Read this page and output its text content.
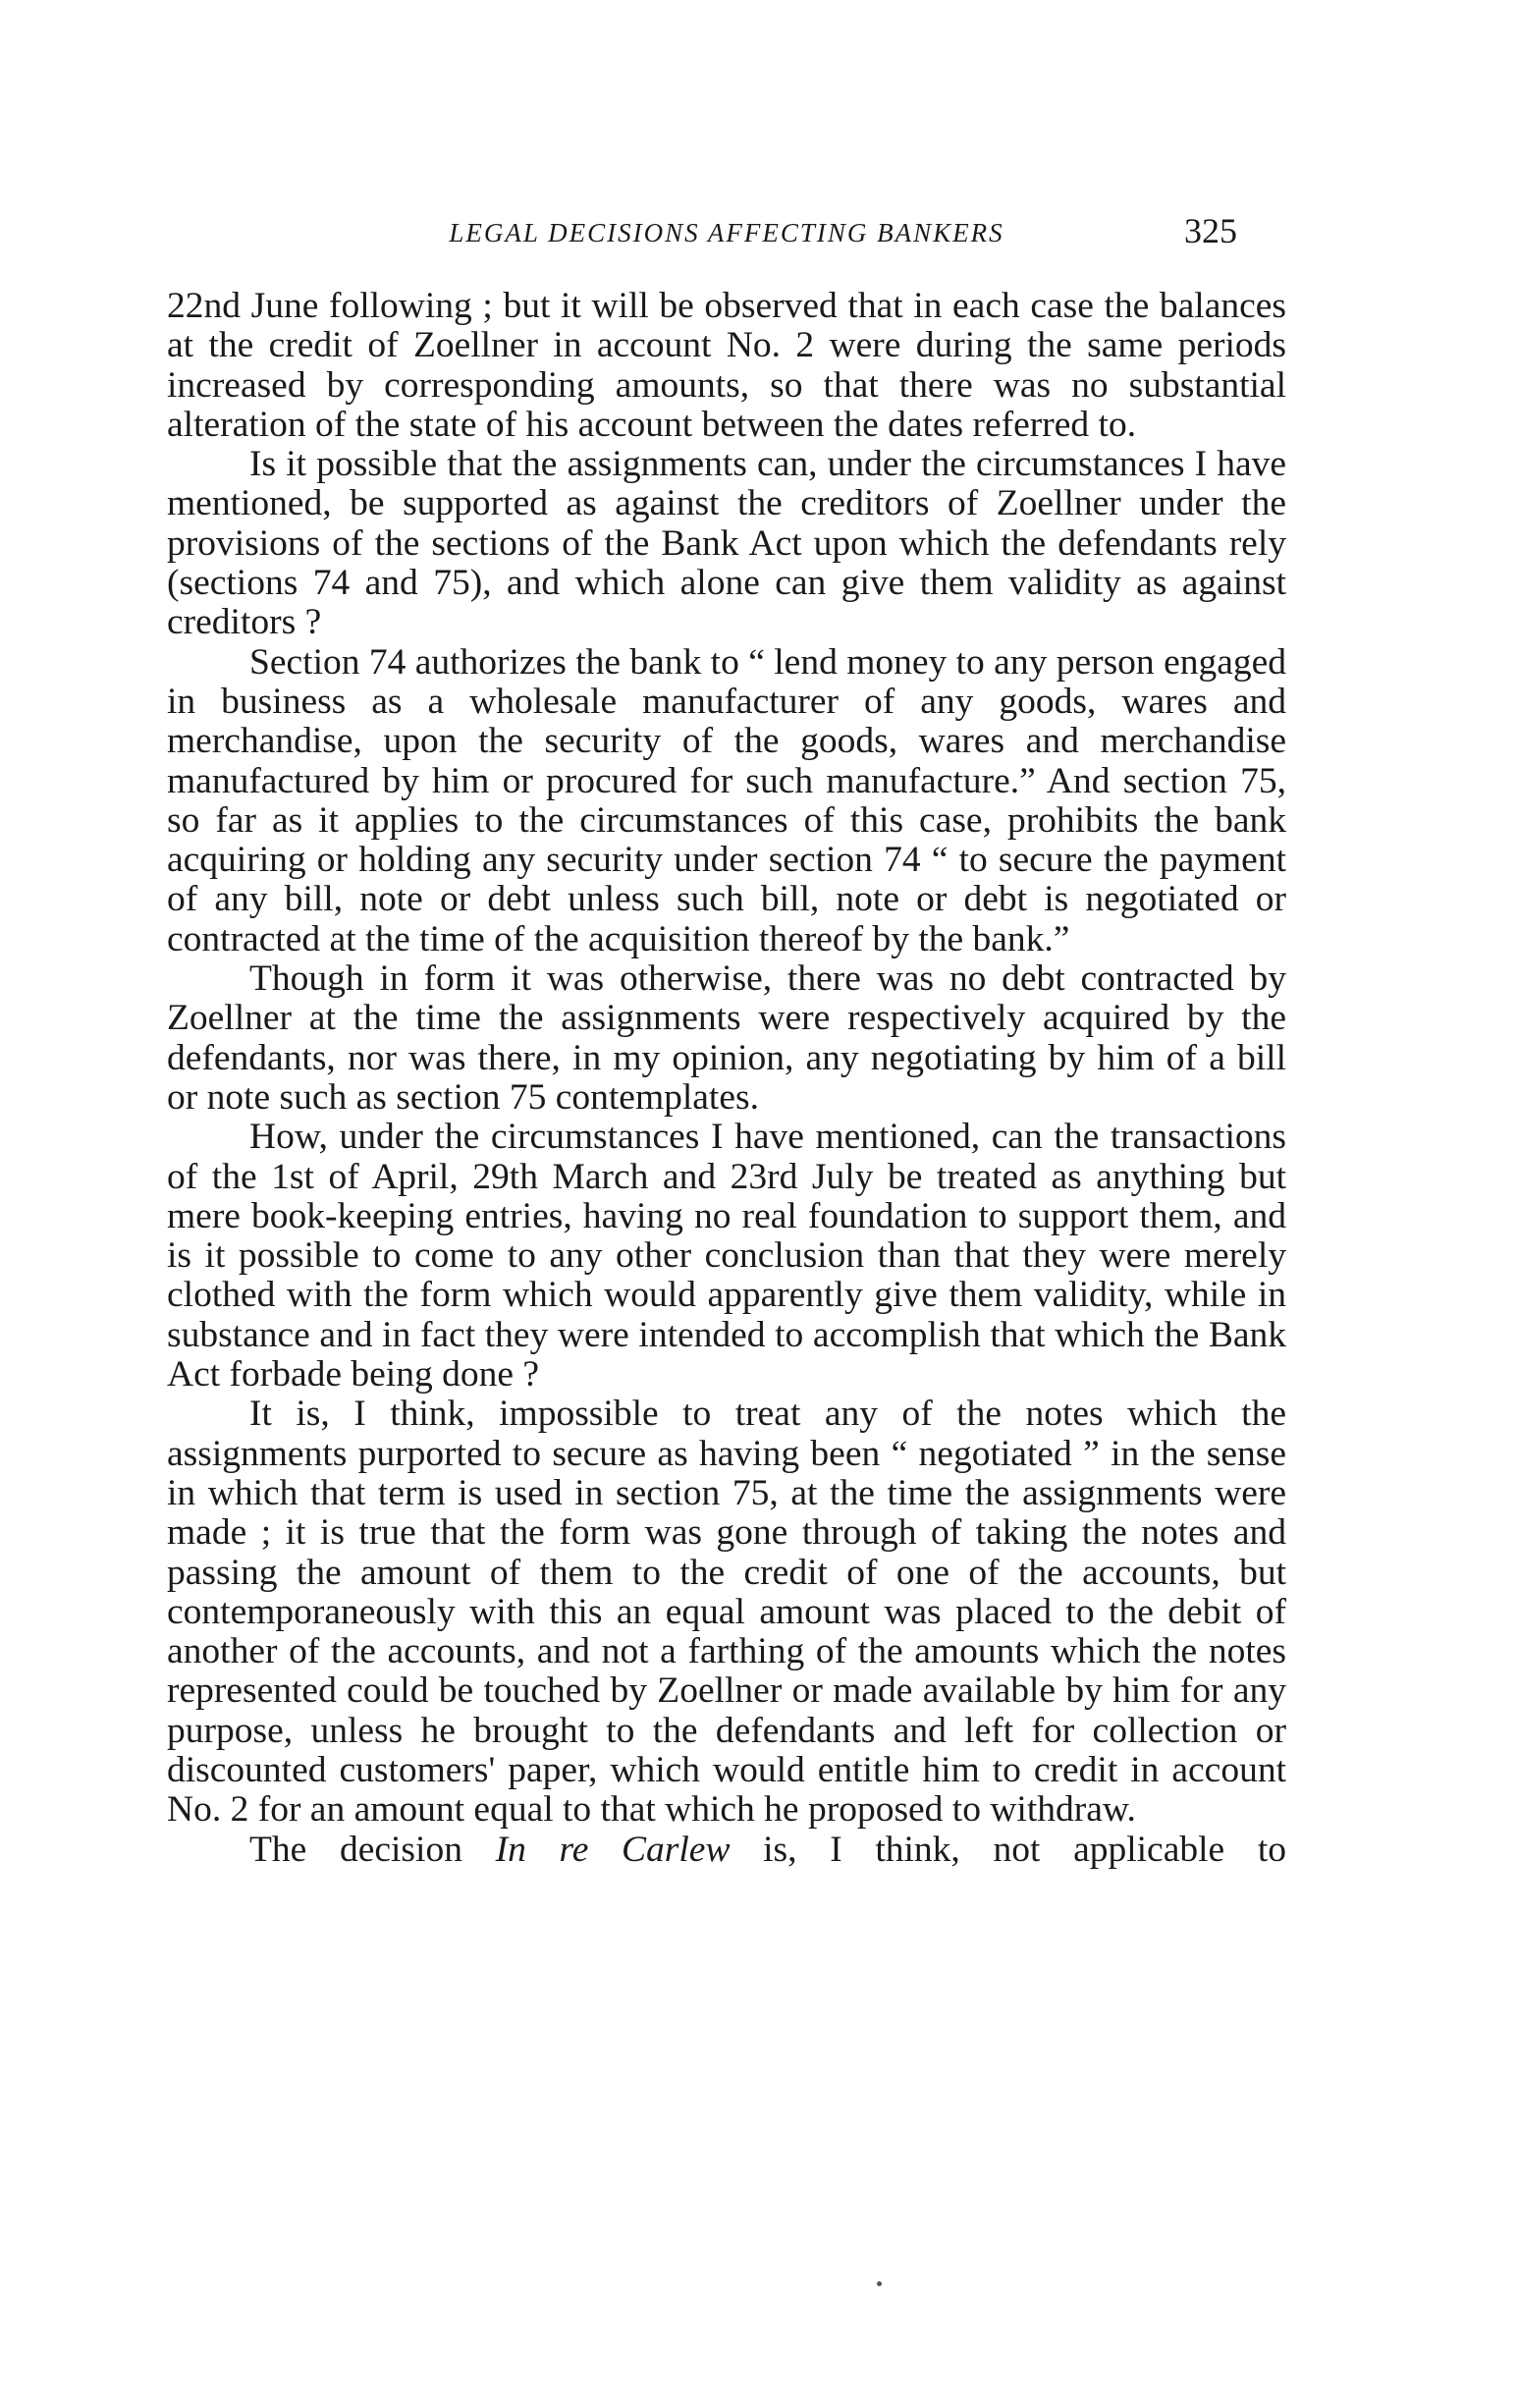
LEGAL DECISIONS AFFECTING BANKERS	325

22nd June following ; but it will be observed that in each case the balances at the credit of Zoellner in account No. 2 were during the same periods increased by corresponding amounts, so that there was no substantial alteration of the state of his account between the dates referred to.

Is it possible that the assignments can, under the circumstances I have mentioned, be supported as against the creditors of Zoellner under the provisions of the sections of the Bank Act upon which the defendants rely (sections 74 and 75), and which alone can give them validity as against creditors ?

Section 74 authorizes the bank to “ lend money to any person engaged in business as a wholesale manufacturer of any goods, wares and merchandise, upon the security of the goods, wares and merchandise manufactured by him or procured for such manufacture.” And section 75, so far as it applies to the circumstances of this case, prohibits the bank acquiring or holding any security under section 74 “ to secure the payment of any bill, note or debt unless such bill, note or debt is negotiated or contracted at the time of the acquisition thereof by the bank.”

Though in form it was otherwise, there was no debt contracted by Zoellner at the time the assignments were respectively acquired by the defendants, nor was there, in my opinion, any negotiating by him of a bill or note such as section 75 contemplates.

How, under the circumstances I have mentioned, can the transactions of the 1st of April, 29th March and 23rd July be treated as anything but mere book-keeping entries, having no real foundation to support them, and is it possible to come to any other conclusion than that they were merely clothed with the form which would apparently give them validity, while in substance and in fact they were intended to accomplish that which the Bank Act forbade being done ?

It is, I think, impossible to treat any of the notes which the assignments purported to secure as having been “ negotiated ” in the sense in which that term is used in section 75, at the time the assignments were made ; it is true that the form was gone through of taking the notes and passing the amount of them to the credit of one of the accounts, but contemporaneously with this an equal amount was placed to the debit of another of the accounts, and not a farthing of the amounts which the notes represented could be touched by Zoellner or made available by him for any purpose, unless he brought to the defendants and left for collection or discounted customers' paper, which would entitle him to credit in account No. 2 for an amount equal to that which he proposed to withdraw.

The decision In re Carlew is, I think, not applicable to
